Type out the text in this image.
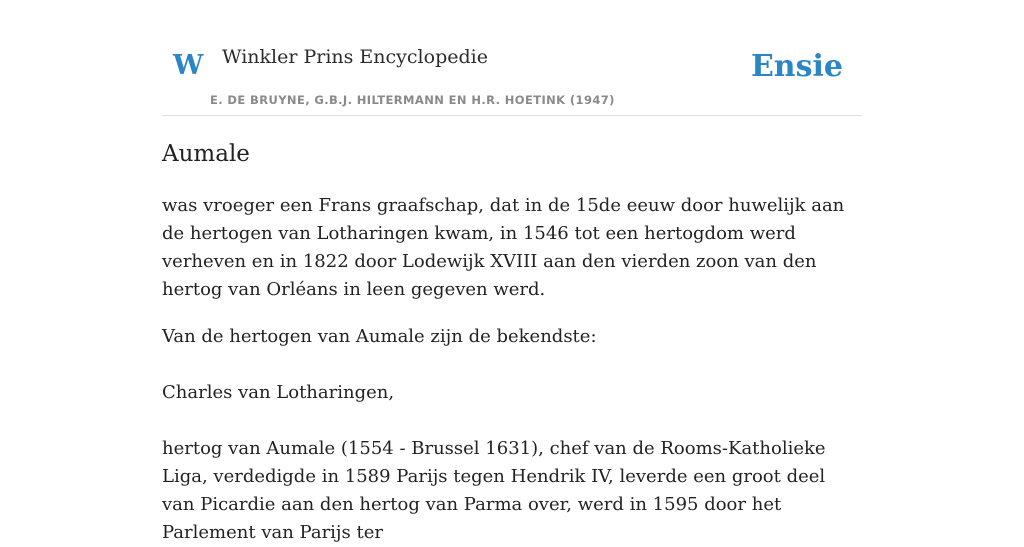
W Winkler Prins Encyclopedie
E. DE BRUYNE, G.B.J. HILTERMANN EN H.R. HOETINK (1947)
Ensie
Aumale

was vroeger een Frans graafschap, dat in de 15de eeuw door huwelijk aan de hertogen van Lotharingen kwam, in 1546 tot een hertogdom werd verheven en in 1822 door Lodewijk XVIII aan den vierden zoon van den hertog van Orléans in leen gegeven werd.

Van de hertogen van Aumale zijn de bekendste:

Charles van Lotharingen,

hertog van Aumale (1554 - Brussel 1631), chef van de Rooms-Katholieke Liga, verdedigde in 1589 Parijs tegen Hendrik IV, leverde een groot deel van Picardie aan den hertog van Parma over, werd in 1595 door het Parlement van Parijs ter
